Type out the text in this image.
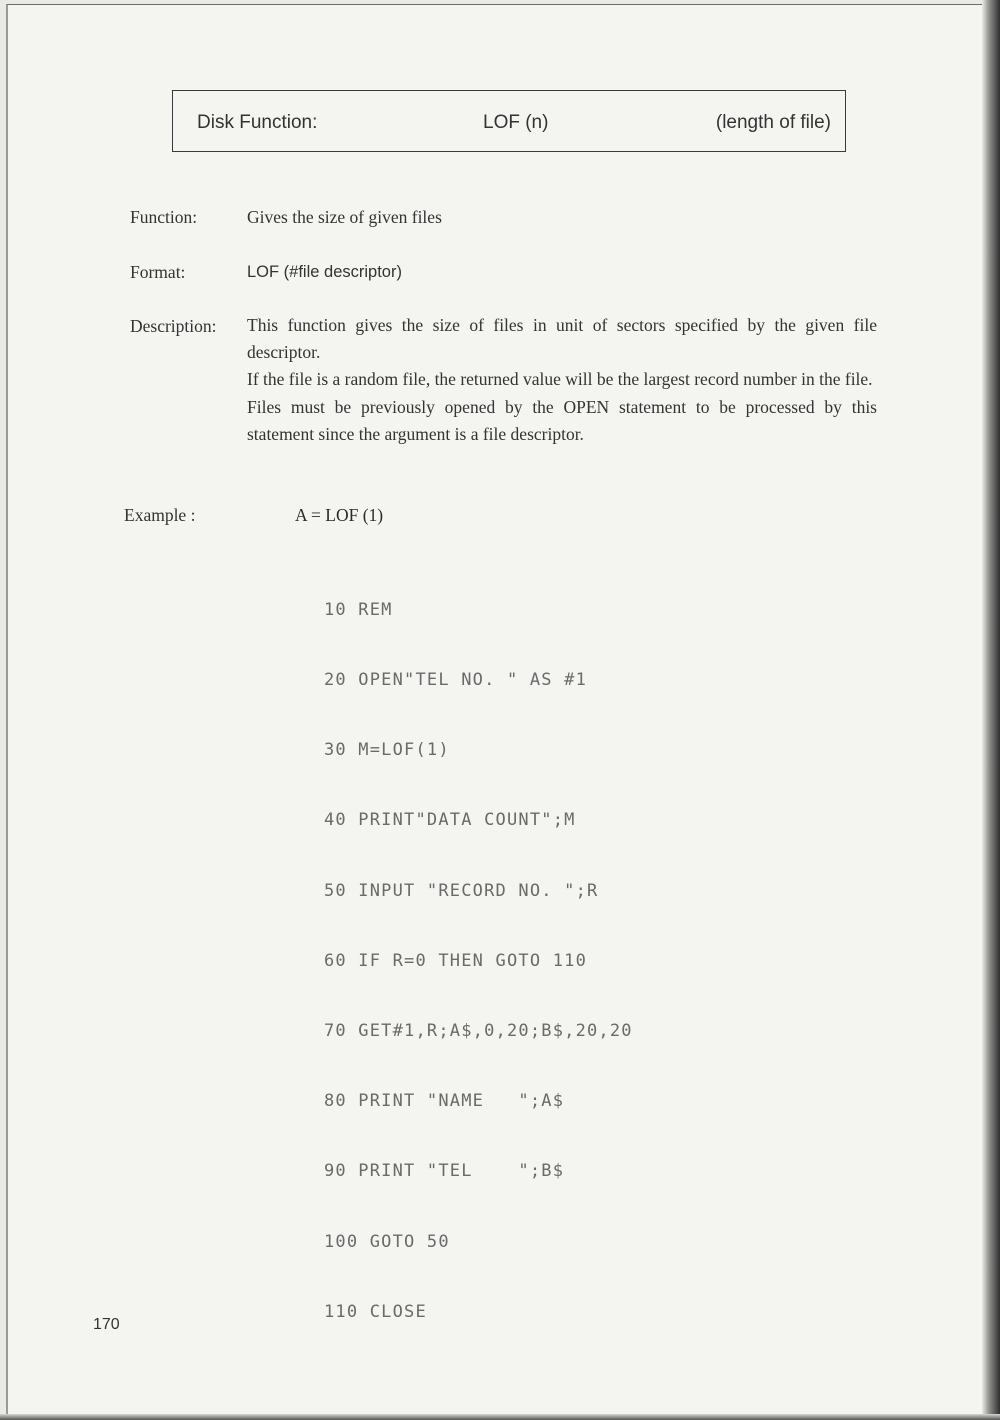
Disk Function:	LOF (n)	(length of file)
Function:	Gives the size of given files
Format:	LOF (#file descriptor)
Description: This function gives the size of files in unit of sectors specified by the given file descriptor.

If the file is a random file, the returned value will be the largest record number in the file.

Files must be previously opened by the OPEN statement to be processed by this statement since the argument is a file descriptor.

Example :	A = LOF (1)

10 REM

20 OPEN"TEL NO. " AS #1

30 M=LOF(1)

40 PRINT"DATA COUNT";M

50 INPUT "RECORD NO. ";R

60 IF R=0 THEN GOTO 110

70 GET#1,R;A$,0,20;B$,20,20

80 PRINT "NAME   ";A$

90 PRINT "TEL    ";B$

100 GOTO 50

110 CLOSE

170
